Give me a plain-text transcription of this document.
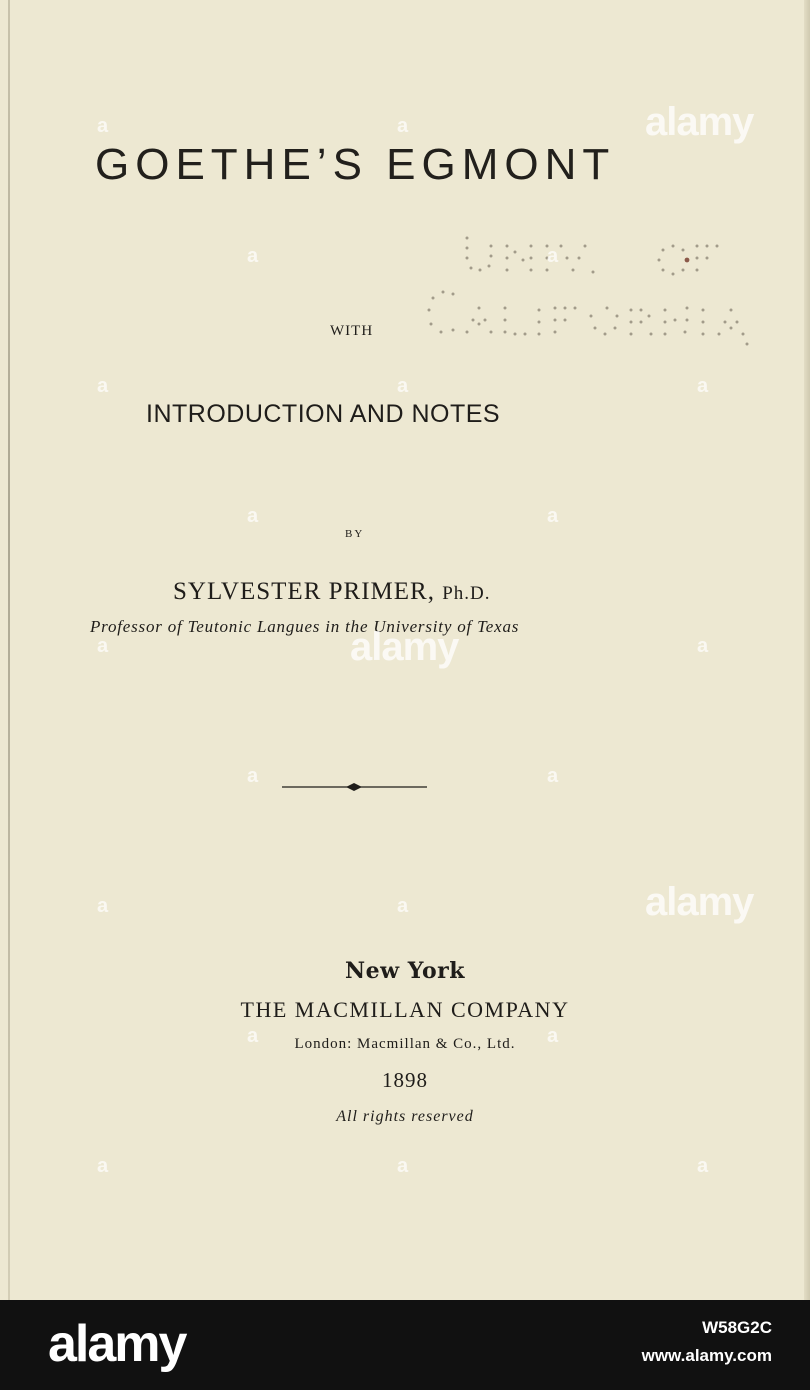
GOETHE’S EGMONT
WITH
INTRODUCTION AND NOTES
BY
SYLVESTER PRIMER, Ph.D.
Professor of Teutonic Langues in the University of Texas
New York
THE MACMILLAN COMPANY
London: Macmillan & Co., Ltd.
1898
All rights reserved
alamy
alamy
alamy
a	a
a	a
a	a	a
a	a
a	a
a	a
a	a
a	a
a	a	a
alamy	W58G2C
www.alamy.com
